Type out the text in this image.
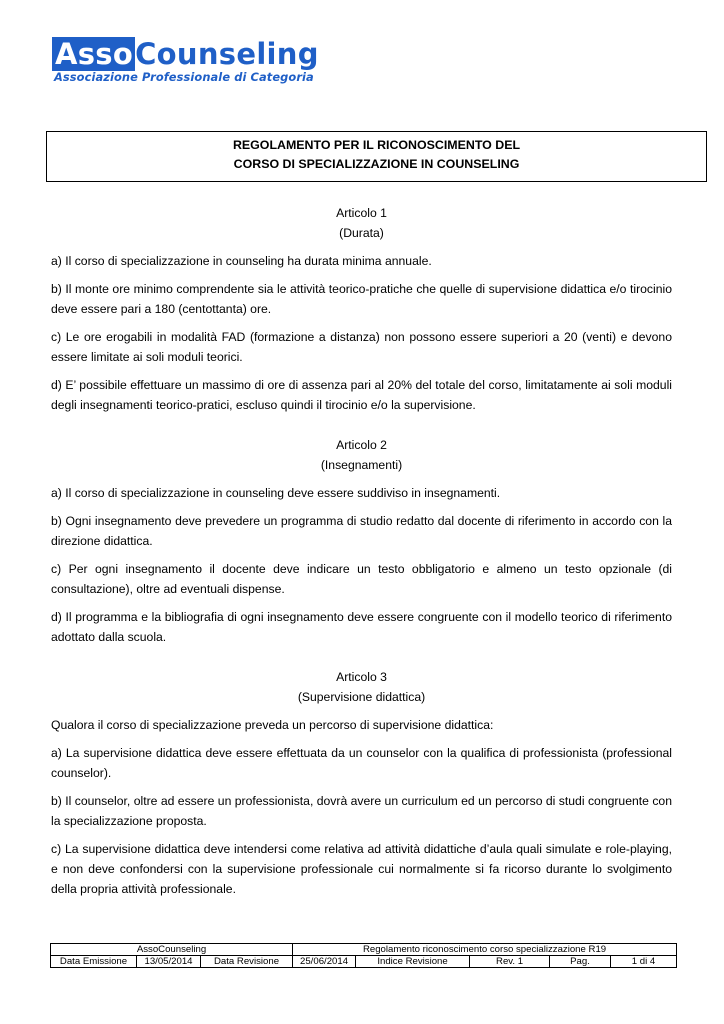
AssoCounseling
Associazione Professionale di Categoria
REGOLAMENTO PER IL RICONOSCIMENTO DEL
CORSO DI SPECIALIZZAZIONE IN COUNSELING
Articolo 1
(Durata)

a) Il corso di specializzazione in counseling ha durata minima annuale.

b) Il monte ore minimo comprendente sia le attività teorico-pratiche che quelle di supervisione didattica e/o tirocinio deve essere pari a 180 (centottanta) ore.

c) Le ore erogabili in modalità FAD (formazione a distanza) non possono essere superiori a 20 (venti) e devono essere limitate ai soli moduli teorici.

d) E’ possibile effettuare un massimo di ore di assenza pari al 20% del totale del corso, limitatamente ai soli moduli degli insegnamenti teorico-pratici, escluso quindi il tirocinio e/o la supervisione.

Articolo 2
(Insegnamenti)

a) Il corso di specializzazione in counseling deve essere suddiviso in insegnamenti.

b) Ogni insegnamento deve prevedere un programma di studio redatto dal docente di riferimento in accordo con la direzione didattica.

c) Per ogni insegnamento il docente deve indicare un testo obbligatorio e almeno un testo opzionale (di consultazione), oltre ad eventuali dispense.

d) Il programma e la bibliografia di ogni insegnamento deve essere congruente con il modello teorico di riferimento adottato dalla scuola.

Articolo 3
(Supervisione didattica)

Qualora il corso di specializzazione preveda un percorso di supervisione didattica:

a) La supervisione didattica deve essere effettuata da un counselor con la qualifica di professionista (professional counselor).

b) Il counselor, oltre ad essere un professionista, dovrà avere un curriculum ed un percorso di studi congruente con la specializzazione proposta.

c) La supervisione didattica deve intendersi come relativa ad attività didattiche d’aula quali simulate e role-playing, e non deve confondersi con la supervisione professionale cui normalmente si fa ricorso durante lo svolgimento della propria attività professionale.

AssoCounseling			Regolamento riconoscimento corso specializzazione R19				
Data Emissione	13/05/2014	Data Revisione	25/06/2014	Indice Revisione	Rev. 1	Pag.	1 di 4
